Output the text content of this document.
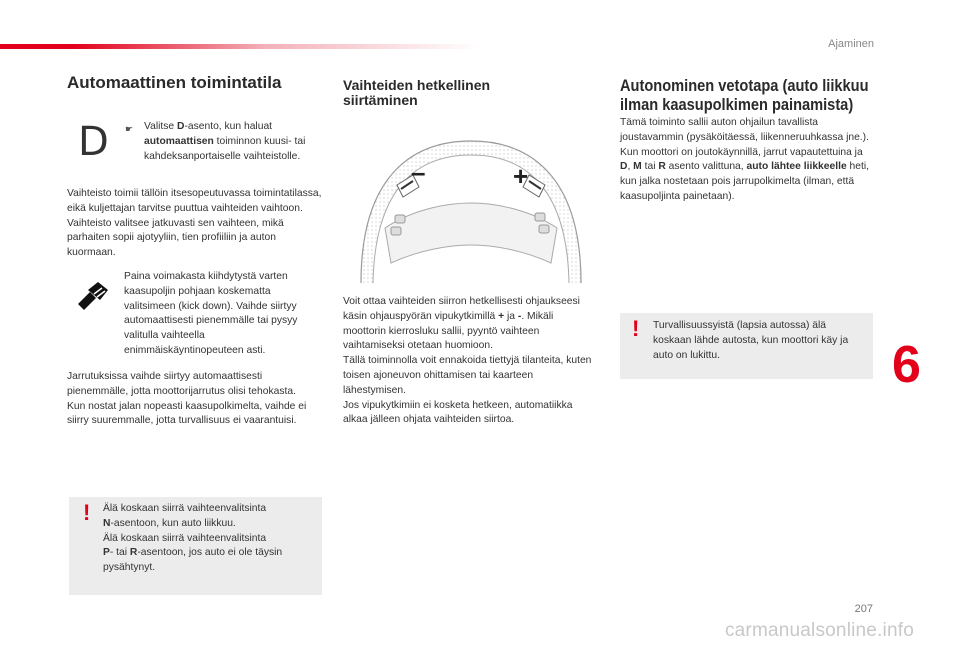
Ajaminen
Automaattinen toimintatila
D ☛ Valitse D-asento, kun haluat automaattisen toiminnon kuusi- tai kahdeksanportaiselle vaihteistolle.
Vaihteisto toimii tällöin itsesopeutuvassa toimintatilassa, eikä kuljettajan tarvitse puuttua vaihteiden vaihtoon. Vaihteisto valitsee jatkuvasti sen vaihteen, mikä parhaiten sopii ajotyyliin, tien profiiliin ja auton kuormaan.
Paina voimakasta kiihdytystä varten kaasupoljin pohjaan koskematta valitsimeen (kick down). Vaihde siirtyy automaattisesti pienemmälle tai pysyy valitulla vaihteella enimmäiskäyntinopeuteen asti.

Jarrutuksissa vaihde siirtyy automaattisesti pienemmälle, jotta moottorijarrutus olisi tehokasta.

Kun nostat jalan nopeasti kaasupolkimelta, vaihde ei siirry suuremmalle, jotta turvallisuus ei vaarantuisi.

! Älä koskaan siirrä vaihteenvalitsinta

N-asentoon, kun auto liikkuu.

Älä koskaan siirrä vaihteenvalitsinta

P- tai R-asentoon, jos auto ei ole täysin pysähtynyt.

Vaihteiden hetkellinen
siirtäminen
–	+

Voit ottaa vaihteiden siirron hetkellisesti ohjaukseesi käsin ohjauspyörän vipukytkimillä + ja -. Mikäli moottorin kierrosluku sallii, pyyntö vaihteen vaihtamiseksi otetaan huomioon.

Tällä toiminnolla voit ennakoida tiettyjä tilanteita, kuten toisen ajoneuvon ohittamisen tai kaarteen lähestymisen.

Jos vipukytkimiin ei kosketa hetkeen, automatiikka alkaa jälleen ohjata vaihteiden siirtoa.

Autonominen vetotapa (auto liikkuu
ilman kaasupolkimen painamista)

Tämä toiminto sallii auton ohjailun tavallista joustavammin (pysäköitäessä, liikenneruuhkassa jne.).

Kun moottori on joutokäynnillä, jarrut vapautettuina ja D, M tai R asento valittuna, auto lähtee liikkeelle heti, kun jalka nostetaan pois jarrupolkimelta (ilman, että kaasupoljinta painetaan).

! Turvallisuussyistä (lapsia autossa) älä koskaan lähde autosta, kun moottori käy ja auto on lukittu.	6
207
carmanualsonline.info
